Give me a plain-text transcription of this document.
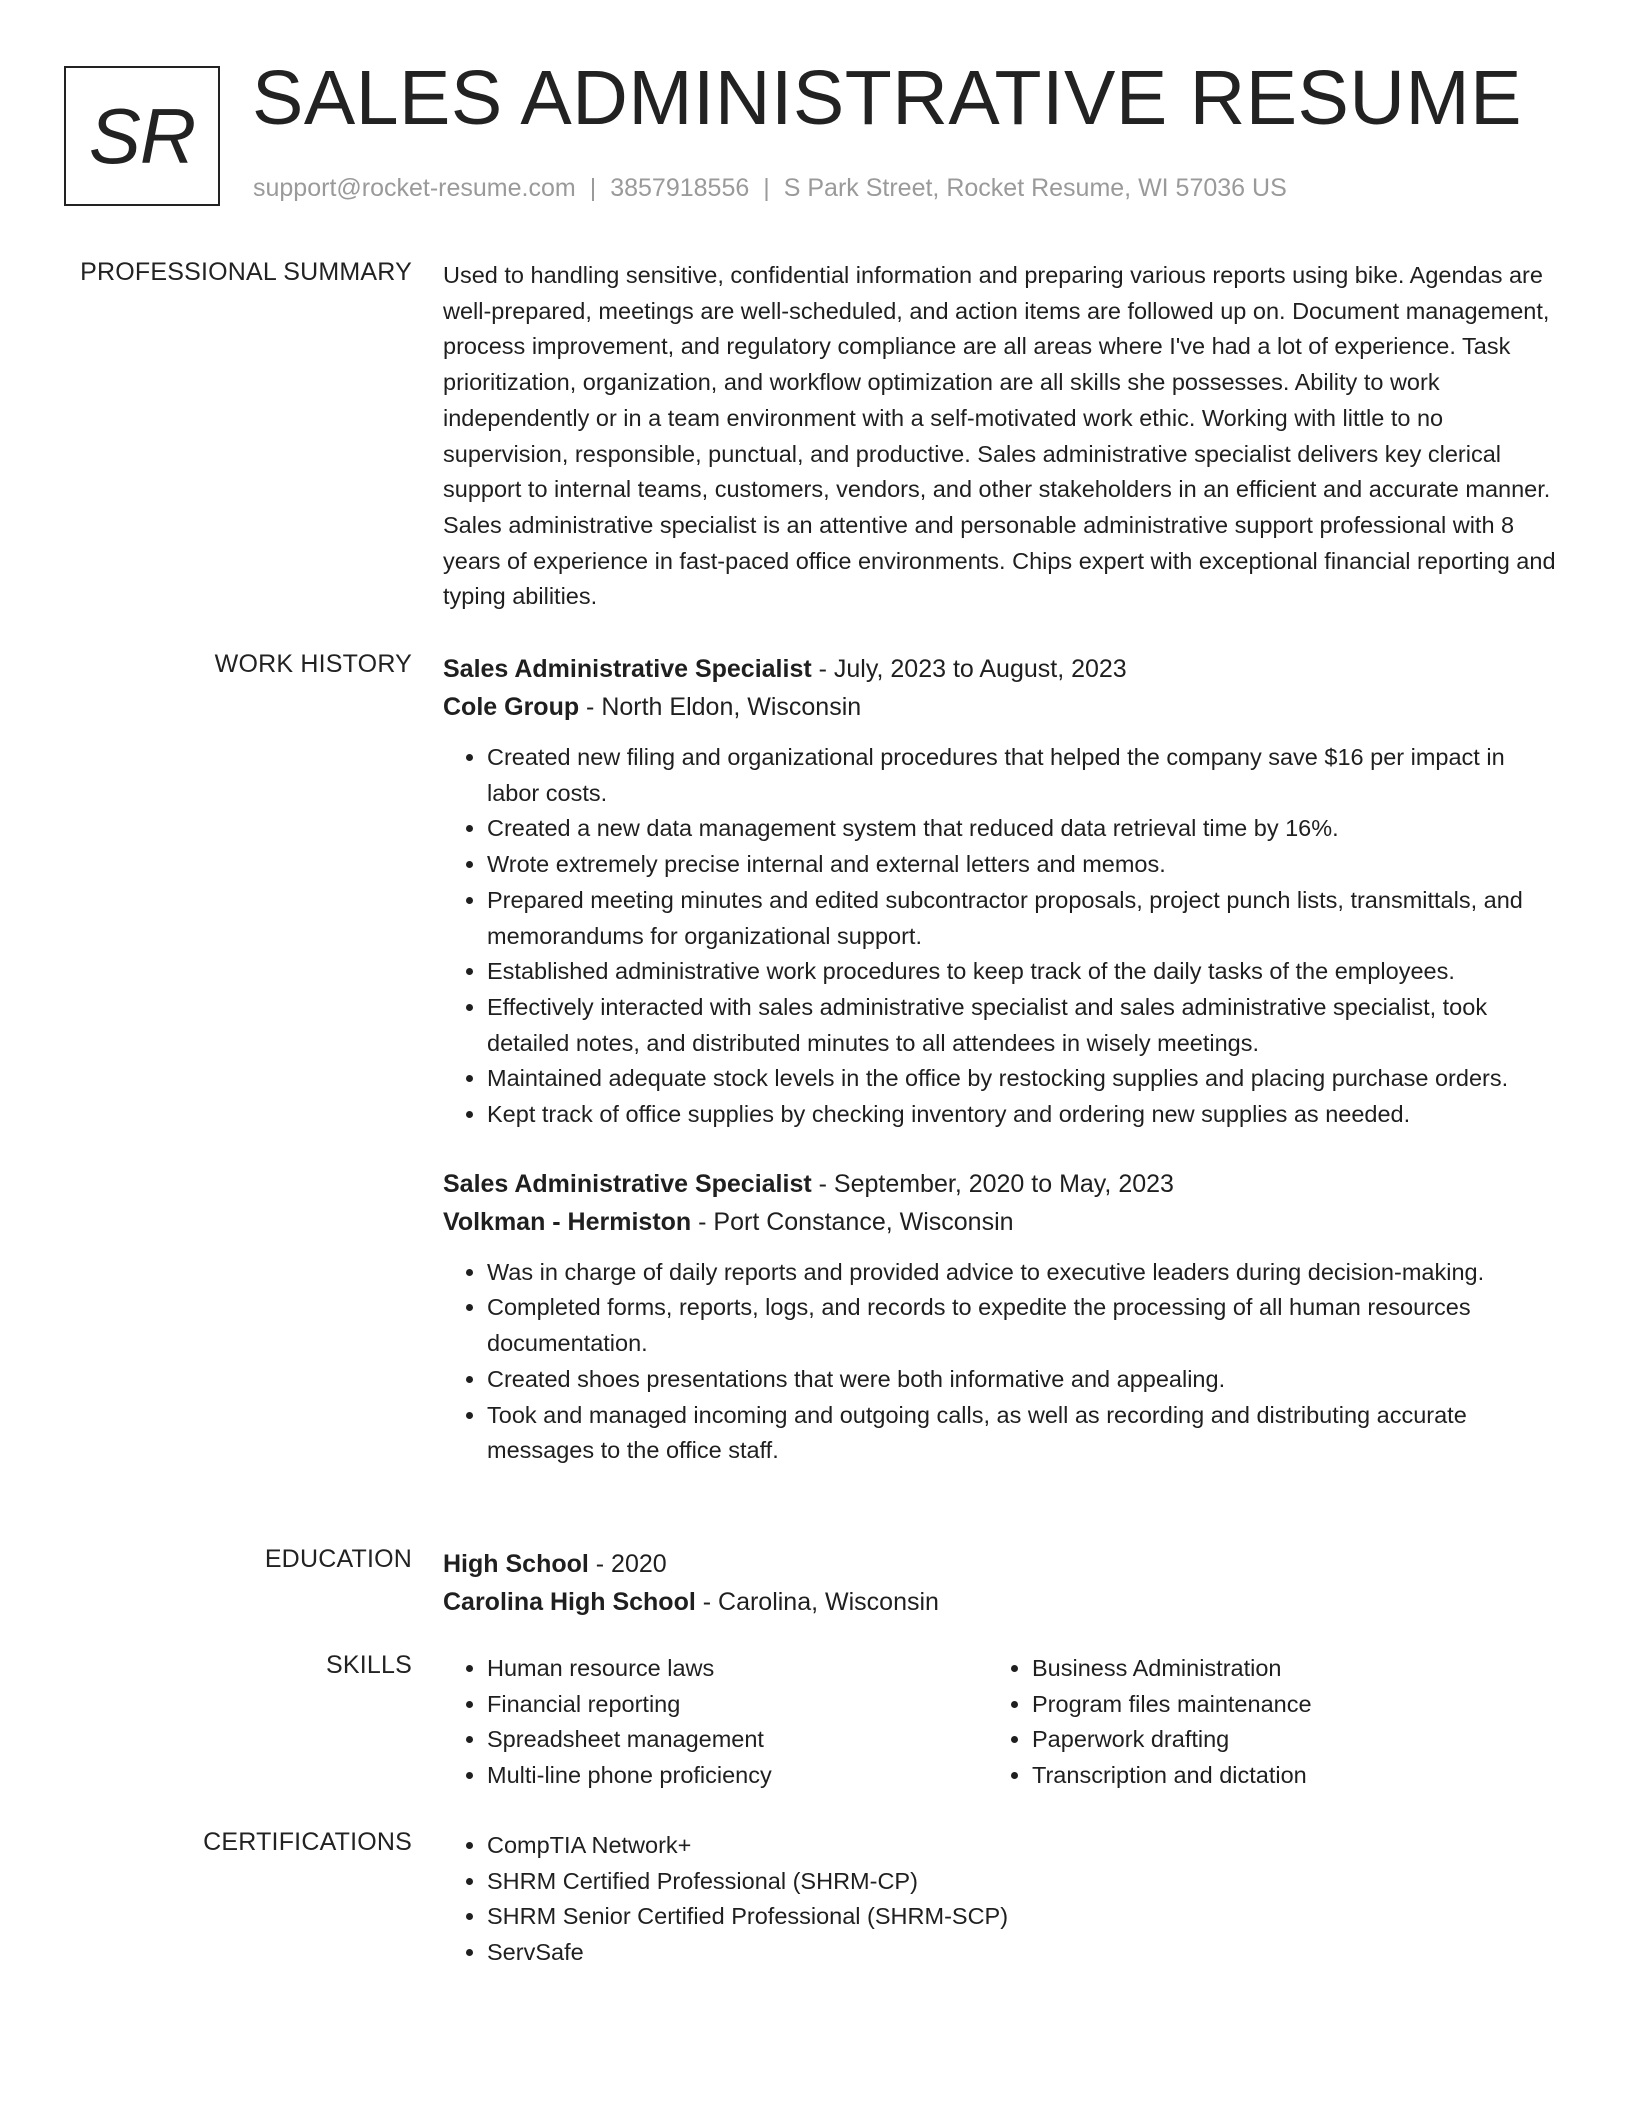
SR SALES ADMINISTRATIVE RESUME
support@rocket-resume.com | 3857918556 | S Park Street, Rocket Resume, WI 57036 US
PROFESSIONAL SUMMARY Used to handling sensitive, confidential information and preparing various reports using bike. Agendas are well-prepared, meetings are well-scheduled, and action items are followed up on. Document management, process improvement, and regulatory compliance are all areas where I've had a lot of experience. Task prioritization, organization, and workflow optimization are all skills she possesses. Ability to work independently or in a team environment with a self-motivated work ethic. Working with little to no supervision, responsible, punctual, and productive. Sales administrative specialist delivers key clerical support to internal teams, customers, vendors, and other stakeholders in an efficient and accurate manner. Sales administrative specialist is an attentive and personable administrative support professional with 8 years of experience in fast-paced office environments. Chips expert with exceptional financial reporting and typing abilities.

WORK HISTORY Sales Administrative Specialist - July, 2023 to August, 2023
Cole Group - North Eldon, Wisconsin
• Created new filing and organizational procedures that helped the company save $16 per impact in labor costs.
• Created a new data management system that reduced data retrieval time by 16%.
• Wrote extremely precise internal and external letters and memos.
• Prepared meeting minutes and edited subcontractor proposals, project punch lists, transmittals, and memorandums for organizational support.
• Established administrative work procedures to keep track of the daily tasks of the employees.
• Effectively interacted with sales administrative specialist and sales administrative specialist, took detailed notes, and distributed minutes to all attendees in wisely meetings.
• Maintained adequate stock levels in the office by restocking supplies and placing purchase orders.
• Kept track of office supplies by checking inventory and ordering new supplies as needed.
Sales Administrative Specialist - September, 2020 to May, 2023
Volkman - Hermiston - Port Constance, Wisconsin
• Was in charge of daily reports and provided advice to executive leaders during decision-making.
• Completed forms, reports, logs, and records to expedite the processing of all human resources documentation.
• Created shoes presentations that were both informative and appealing.
• Took and managed incoming and outgoing calls, as well as recording and distributing accurate messages to the office staff.
EDUCATION High School - 2020
Carolina High School - Carolina, Wisconsin
SKILLS	• Human resource laws
• Financial reporting
• Spreadsheet management
• Multi-line phone proficiency
• Business Administration
• Program files maintenance
• Paperwork drafting
• Transcription and dictation
CERTIFICATIONS	• CompTIA Network+
• SHRM Certified Professional (SHRM-CP)
• SHRM Senior Certified Professional (SHRM-SCP)
• ServSafe
